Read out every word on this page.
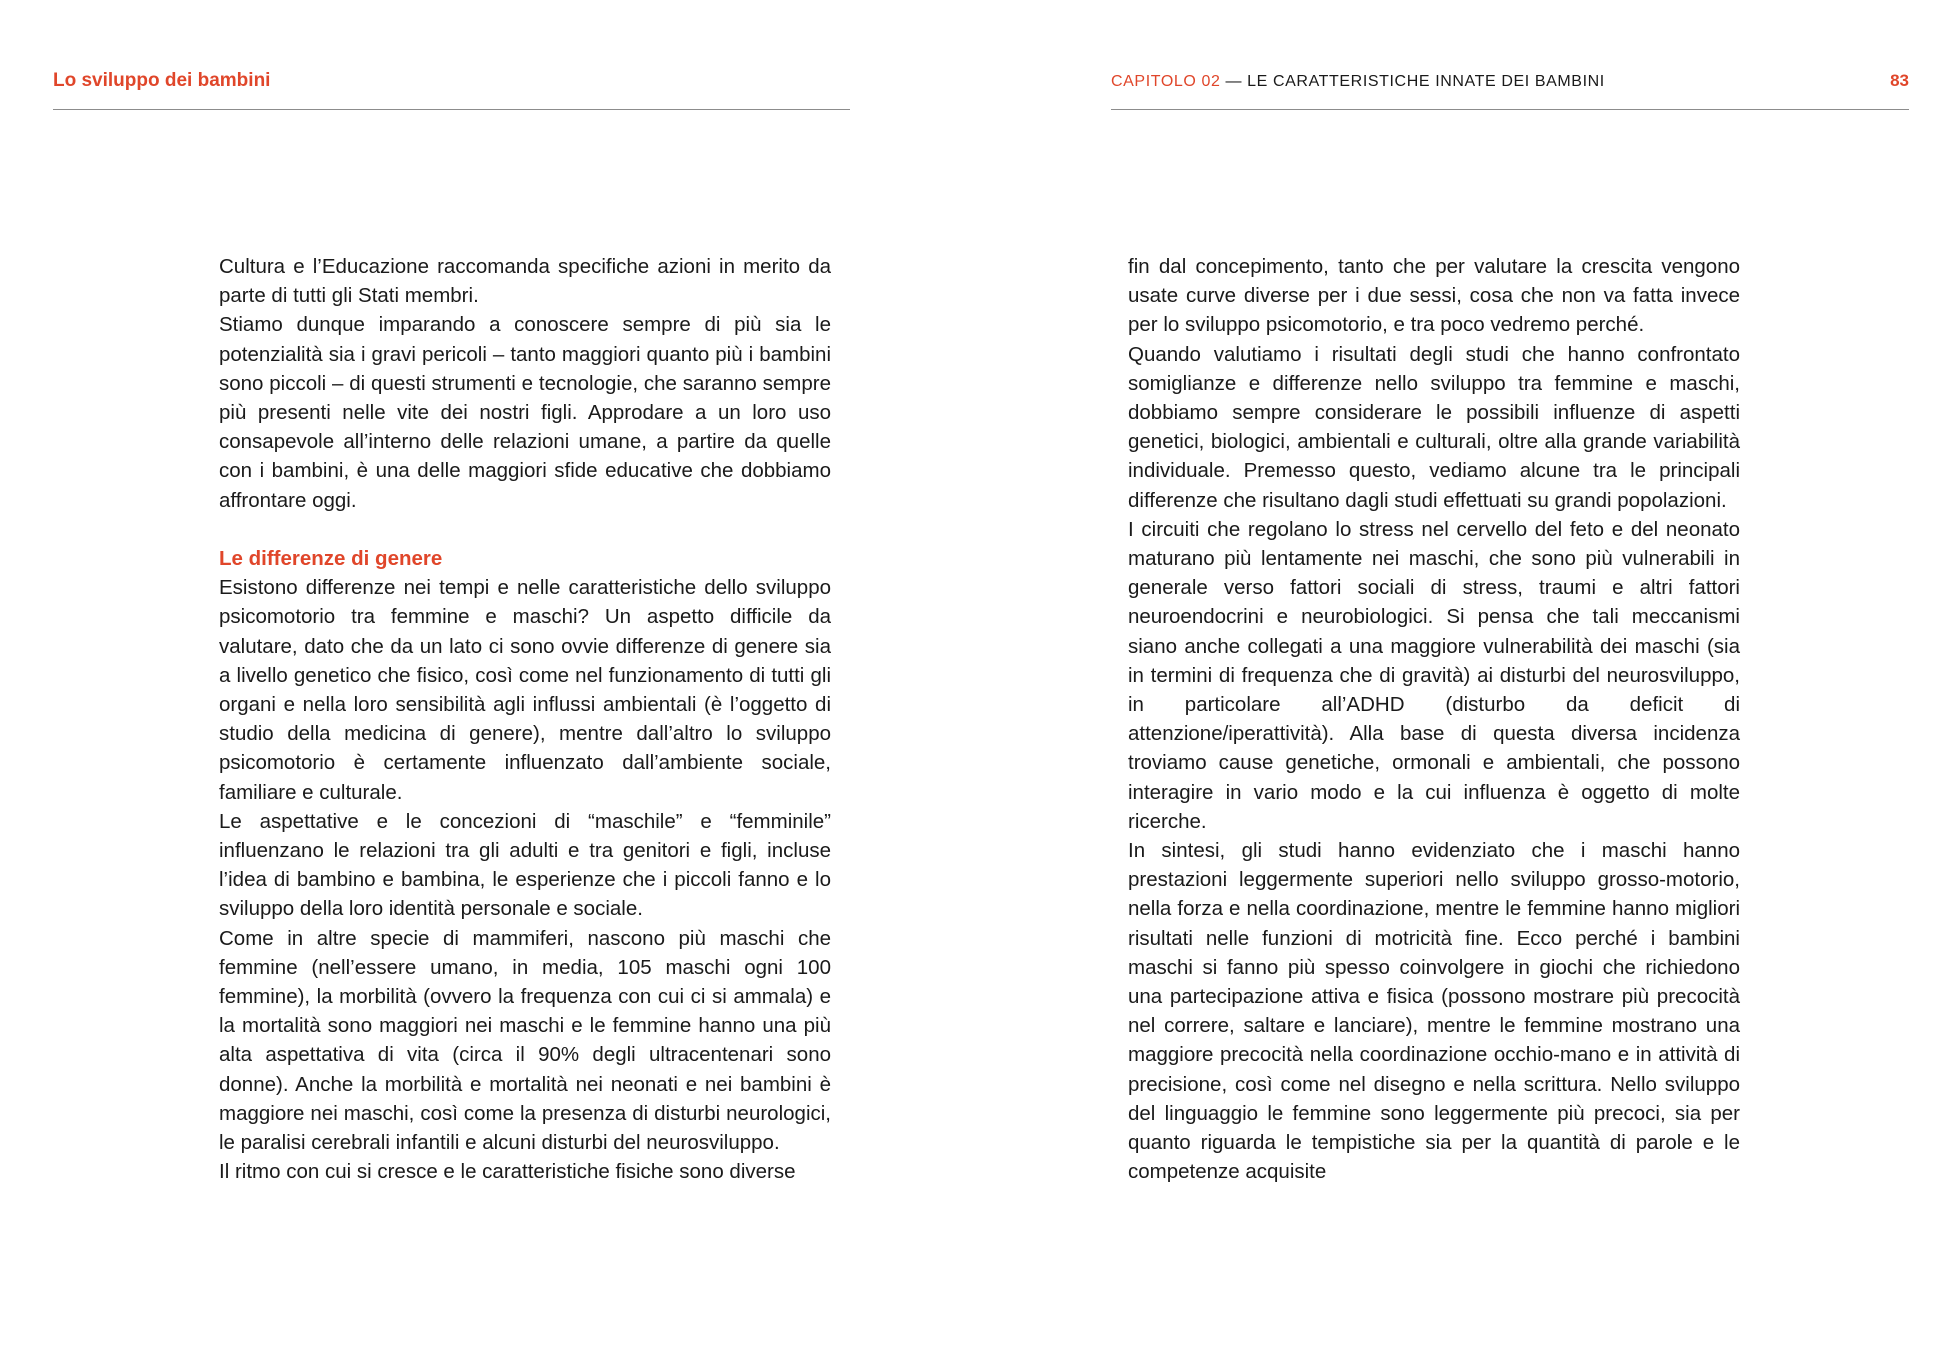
Lo sviluppo dei bambini

Cultura e l’Educazione raccomanda specifiche azioni in merito da parte di tutti gli Stati membri.

Stiamo dunque imparando a conoscere sempre di più sia le potenzialità sia i gravi pericoli – tanto maggiori quanto più i bambini sono piccoli – di questi strumenti e tecnologie, che saranno sempre più presenti nelle vite dei nostri figli. Approdare a un loro uso consapevole all’interno delle relazioni umane, a partire da quelle con i bambini, è una delle maggiori sfide educative che dobbiamo affrontare oggi.

Le differenze di genere

Esistono differenze nei tempi e nelle caratteristiche dello sviluppo psicomotorio tra femmine e maschi? Un aspetto difficile da valutare, dato che da un lato ci sono ovvie differenze di genere sia a livello genetico che fisico, così come nel funzionamento di tutti gli organi e nella loro sensibilità agli influssi ambientali (è l’oggetto di studio della medicina di genere), mentre dall’altro lo sviluppo psicomotorio è certamente influenzato dall’ambiente sociale, familiare e culturale.

Le aspettative e le concezioni di “maschile” e “femminile” influenzano le relazioni tra gli adulti e tra genitori e figli, incluse l’idea di bambino e bambina, le esperienze che i piccoli fanno e lo sviluppo della loro identità personale e sociale.

Come in altre specie di mammiferi, nascono più maschi che femmine (nell’essere umano, in media, 105 maschi ogni 100 femmine), la morbilità (ovvero la frequenza con cui ci si ammala) e la mortalità sono maggiori nei maschi e le femmine hanno una più alta aspettativa di vita (circa il 90% degli ultracentenari sono donne). Anche la morbilità e mortalità nei neonati e nei bambini è maggiore nei maschi, così come la presenza di disturbi neurologici, le paralisi cerebrali infantili e alcuni disturbi del neurosviluppo.

Il ritmo con cui si cresce e le caratteristiche fisiche sono diverse

CAPITOLO 02 — LE CARATTERISTICHE INNATE DEI BAMBINI	83

fin dal concepimento, tanto che per valutare la crescita vengono usate curve diverse per i due sessi, cosa che non va fatta invece per lo sviluppo psicomotorio, e tra poco vedremo perché.

Quando valutiamo i risultati degli studi che hanno confrontato somiglianze e differenze nello sviluppo tra femmine e maschi, dobbiamo sempre considerare le possibili influenze di aspetti genetici, biologici, ambientali e culturali, oltre alla grande variabilità individuale. Premesso questo, vediamo alcune tra le principali differenze che risultano dagli studi effettuati su grandi popolazioni.

I circuiti che regolano lo stress nel cervello del feto e del neonato maturano più lentamente nei maschi, che sono più vulnerabili in generale verso fattori sociali di stress, traumi e altri fattori neuroendocrini e neurobiologici. Si pensa che tali meccanismi siano anche collegati a una maggiore vulnerabilità dei maschi (sia in termini di frequenza che di gravità) ai disturbi del neurosviluppo, in particolare all’ADHD (disturbo da deficit di attenzione/iperattività). Alla base di questa diversa incidenza troviamo cause genetiche, ormonali e ambientali, che possono interagire in vario modo e la cui influenza è oggetto di molte ricerche.

In sintesi, gli studi hanno evidenziato che i maschi hanno prestazioni leggermente superiori nello sviluppo grosso-motorio, nella forza e nella coordinazione, mentre le femmine hanno migliori risultati nelle funzioni di motricità fine. Ecco perché i bambini maschi si fanno più spesso coinvolgere in giochi che richiedono una partecipazione attiva e fisica (possono mostrare più precocità nel correre, saltare e lanciare), mentre le femmine mostrano una maggiore precocità nella coordinazione occhio-mano e in attività di precisione, così come nel disegno e nella scrittura. Nello sviluppo del linguaggio le femmine sono leggermente più precoci, sia per quanto riguarda le tempistiche sia per la quantità di parole e le competenze acquisite
